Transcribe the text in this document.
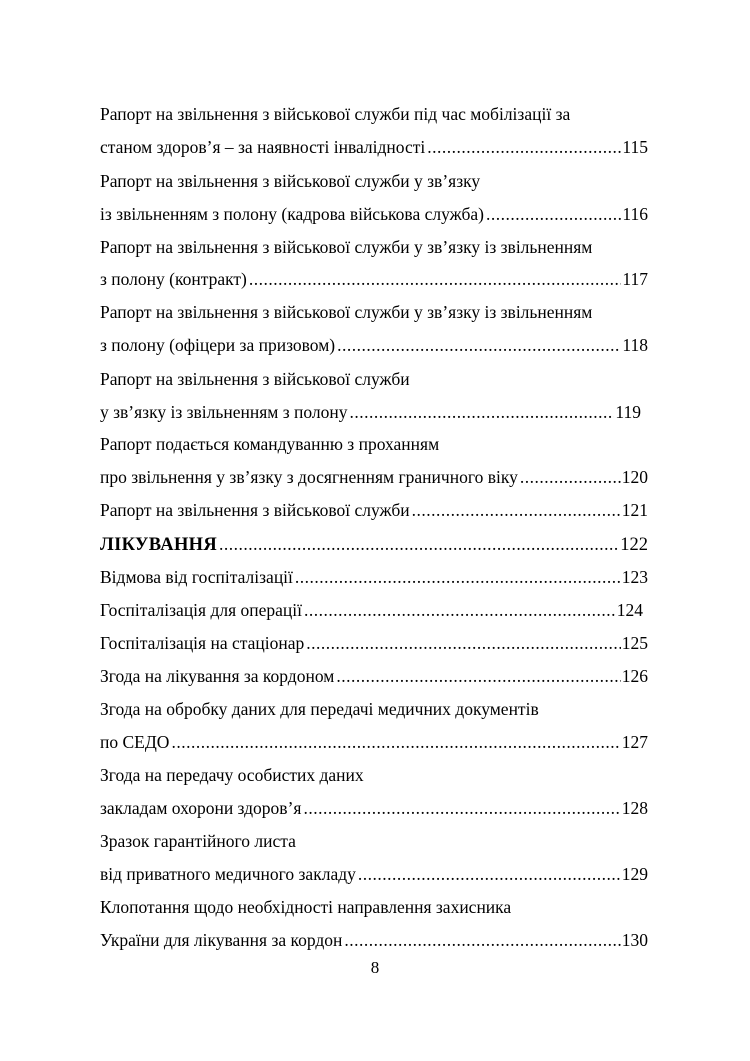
Рапорт на звільнення з військової служби під час мобілізації за
станом здоров’я – за наявності інвалідності .....	115
Рапорт на звільнення з військової служби у зв’язку
із звільненням з полону (кадрова військова служба) .....	116
Рапорт на звільнення з військової служби у зв’язку із звільненням
з полону (контракт) .....	117
Рапорт на звільнення з військової служби у зв’язку із звільненням
з полону (офіцери за призовом) .....	118
Рапорт на звільнення з військової служби
у зв’язку із звільненням з полону .....	119
Рапорт подається командуванню з проханням
про звільнення у зв’язку з досягненням граничного віку .....	120
Рапорт на звільнення з військової служби .....	121
ЛІКУВАННЯ .....	122
Відмова від госпіталізації .....	123
Госпіталізація для операції .....	124
Госпіталізація на стаціонар .....	125
Згода на лікування за кордоном .....	126
Згода на обробку даних для передачі медичних документів
по СЕДО .....	127
Згода на передачу особистих даних
закладам охорони здоров’я .....	128
Зразок гарантійного листа
від приватного медичного закладу .....	129
Клопотання щодо необхідності направлення захисника
України для лікування за кордон .....	130
8
